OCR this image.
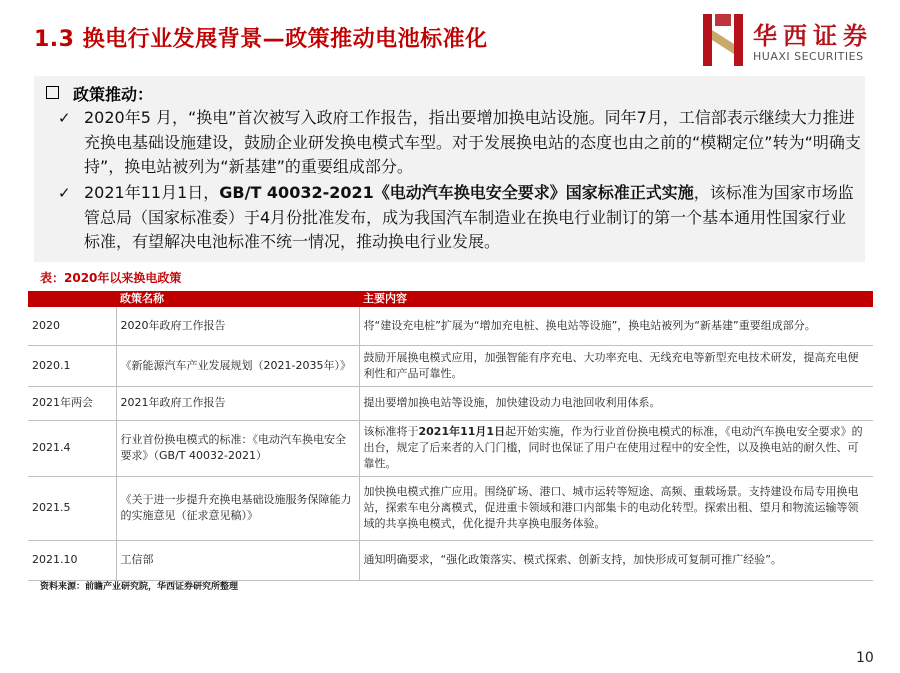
1.3 换电行业发展背景—政策推动电池标准化	华西证券
HUAXI SECURITIES
政策推动：
✓ 2020年5 月，“换电”首次被写入政府工作报告，指出要增加换电站设施。同年7月，工信部表示继续大力推进充换电基础设施建设，鼓励企业研发换电模式车型。对于发展换电站的态度也由之前的“模糊定位”转为“明确支持”，换电站被列为“新基建”的重要组成部分。
✓ 2021年11月1日，GB/T 40032-2021《电动汽车换电安全要求》国家标准正式实施，该标准为国家市场监管总局（国家标准委）于4月份批准发布，成为我国汽车制造业在换电行业制订的第一个基本通用性国家行业标准，有望解决电池标准不统一情况，推动换电行业发展。
表：2020年以来换电政策
	政策名称	主要内容
2020	2020年政府工作报告	将“建设充电桩”扩展为“增加充电桩、换电站等设施”，换电站被列为“新基建”重要组成部分。
2020.1	《新能源汽车产业发展规划（2021-2035年）》	鼓励开展换电模式应用，加强智能有序充电、大功率充电、无线充电等新型充电技术研发，提高充电便利性和产品可靠性。
2021年两会	2021年政府工作报告	提出要增加换电站等设施，加快建设动力电池回收利用体系。
2021.4	行业首份换电模式的标准：《电动汽车换电安全要求》（GB/T 40032-2021）	该标准将于2021年11月1日起开始实施，作为行业首份换电模式的标准，《电动汽车换电安全要求》的出台，规定了后来者的入门门槛，同时也保证了用户在使用过程中的安全性，以及换电站的耐久性、可靠性。
2021.5	《关于进一步提升充换电基础设施服务保障能力的实施意见（征求意见稿）》	加快换电模式推广应用。围绕矿场、港口、城市运转等短途、高频、重载场景。支持建设布局专用换电站，探索车电分离模式，促进重卡领域和港口内部集卡的电动化转型。探索出租、望月和物流运输等领域的共享换电模式，优化提升共享换电服务体验。
2021.10	工信部	通知明确要求，“强化政策落实、模式探索、创新支持，加快形成可复制可推广经验”。
资料来源：前瞻产业研究院，华西证券研究所整理
10
